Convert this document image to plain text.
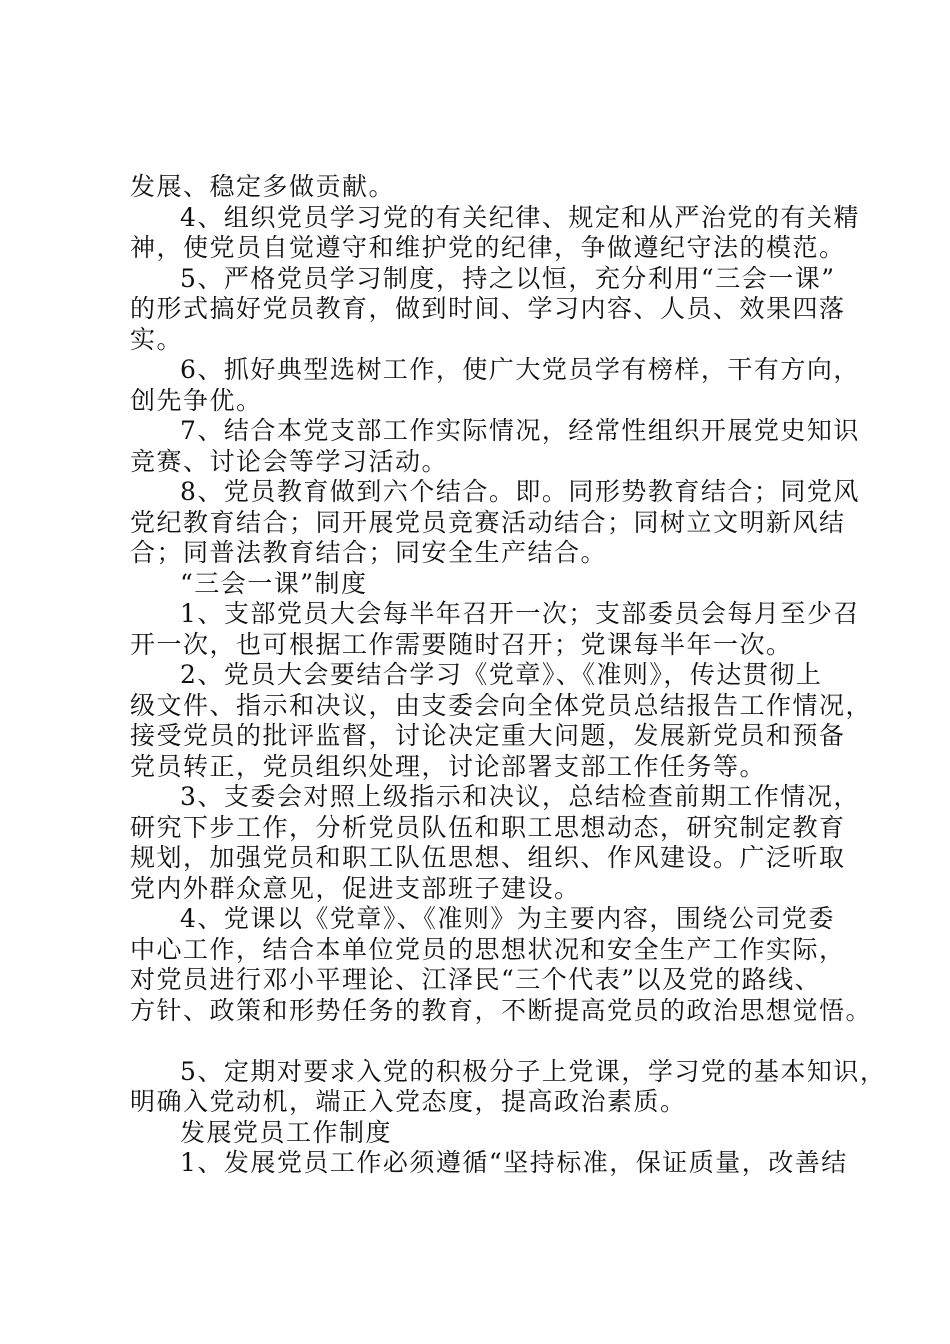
发展、稳定多做贡献。
4、组织党员学习党的有关纪律、规定和从严治党的有关精
神，使党员自觉遵守和维护党的纪律，争做遵纪守法的模范。
5、严格党员学习制度，持之以恒，充分利用“三会一课”
的形式搞好党员教育，做到时间、学习内容、人员、效果四落
实。
6、抓好典型选树工作，使广大党员学有榜样，干有方向，
创先争优。
7、结合本党支部工作实际情况，经常性组织开展党史知识
竞赛、讨论会等学习活动。
8、党员教育做到六个结合。即。同形势教育结合；同党风
党纪教育结合；同开展党员竞赛活动结合；同树立文明新风结
合；同普法教育结合；同安全生产结合。
“三会一课”制度
1、支部党员大会每半年召开一次；支部委员会每月至少召
开一次，也可根据工作需要随时召开；党课每半年一次。
2、党员大会要结合学习《党章》、《准则》，传达贯彻上
级文件、指示和决议，由支委会向全体党员总结报告工作情况，
接受党员的批评监督，讨论决定重大问题，发展新党员和预备
党员转正，党员组织处理，讨论部署支部工作任务等。
3、支委会对照上级指示和决议，总结检查前期工作情况，
研究下步工作，分析党员队伍和职工思想动态，研究制定教育
规划，加强党员和职工队伍思想、组织、作风建设。广泛听取
党内外群众意见，促进支部班子建设。
4、党课以《党章》、《准则》为主要内容，围绕公司党委
中心工作，结合本单位党员的思想状况和安全生产工作实际，
对党员进行邓小平理论、江泽民“三个代表”以及党的路线、
方针、政策和形势任务的教育，不断提高党员的政治思想觉悟。
5、定期对要求入党的积极分子上党课，学习党的基本知识，
明确入党动机，端正入党态度，提高政治素质。
发展党员工作制度
1、发展党员工作必须遵循“坚持标准，保证质量，改善结
